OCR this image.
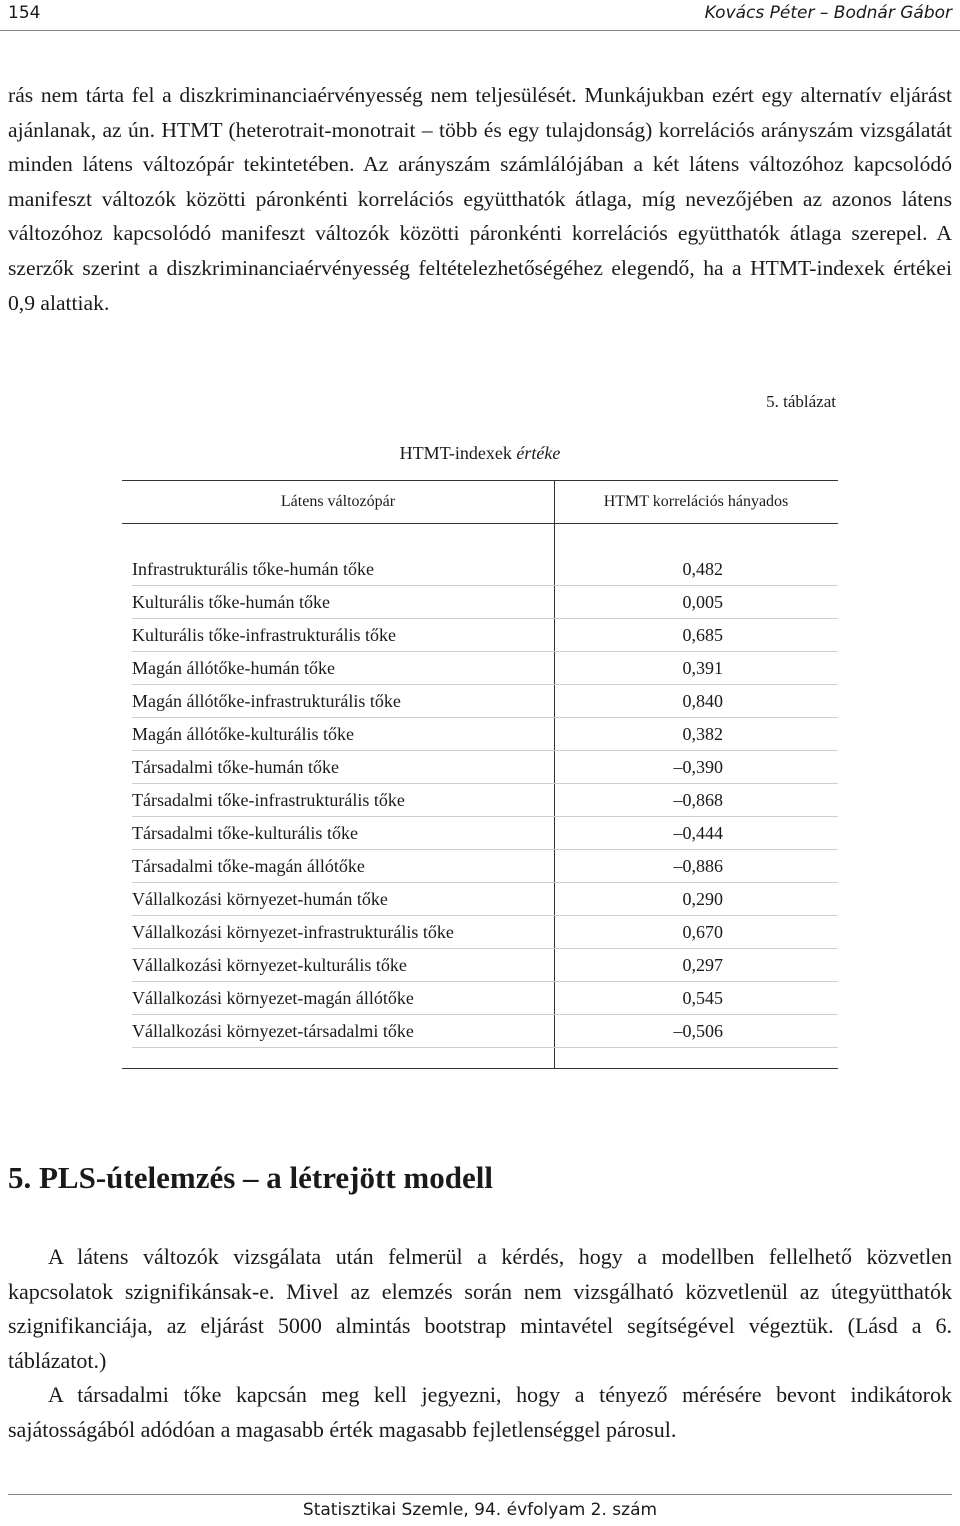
154	Kovács Péter – Bodnár Gábor

rás nem tárta fel a diszkriminanciaérvényesség nem teljesülését. Munkájukban ezért egy alternatív eljárást ajánlanak, az ún. HTMT (heterotrait-monotrait – több és egy tulajdonság) korrelációs arányszám vizsgálatát minden látens változópár tekintetében. Az arányszám számlálójában a két látens változóhoz kapcsolódó manifeszt változók közötti páronkénti korrelációs együtthatók átlaga, míg nevezőjében az azonos látens változóhoz kapcsolódó manifeszt változók közötti páronkénti korrelációs együtthatók átlaga szerepel. A szerzők szerint a diszkriminanciaérvényesség feltételezhetőségéhez elegendő, ha a HTMT-indexek értékei 0,9 alattiak.

5. táblázat
HTMT-indexek értéke
Látens változópár	HTMT korrelációs hányados
Infrastrukturális tőke-humán tőke	0,482
Kulturális tőke-humán tőke	0,005
Kulturális tőke-infrastrukturális tőke	0,685
Magán állótőke-humán tőke	0,391
Magán állótőke-infrastrukturális tőke	0,840
Magán állótőke-kulturális tőke	0,382
Társadalmi tőke-humán tőke	–0,390
Társadalmi tőke-infrastrukturális tőke	–0,868
Társadalmi tőke-kulturális tőke	–0,444
Társadalmi tőke-magán állótőke	–0,886
Vállalkozási környezet-humán tőke	0,290
Vállalkozási környezet-infrastrukturális tőke	0,670
Vállalkozási környezet-kulturális tőke	0,297
Vállalkozási környezet-magán állótőke	0,545
Vállalkozási környezet-társadalmi tőke	–0,506
5. PLS-útelemzés – a létrejött modell
A látens változók vizsgálata után felmerül a kérdés, hogy a modellben fellelhető közvetlen kapcsolatok szignifikánsak-e. Mivel az elemzés során nem vizsgálható közvetlenül az útegyütthatók szignifikanciája, az eljárást 5000 almintás bootstrap mintavétel segítségével végeztük. (Lásd a 6. táblázatot.)
A társadalmi tőke kapcsán meg kell jegyezni, hogy a tényező mérésére bevont indikátorok sajátosságából adódóan a magasabb érték magasabb fejletlenséggel párosul.
Statisztikai Szemle, 94. évfolyam 2. szám
